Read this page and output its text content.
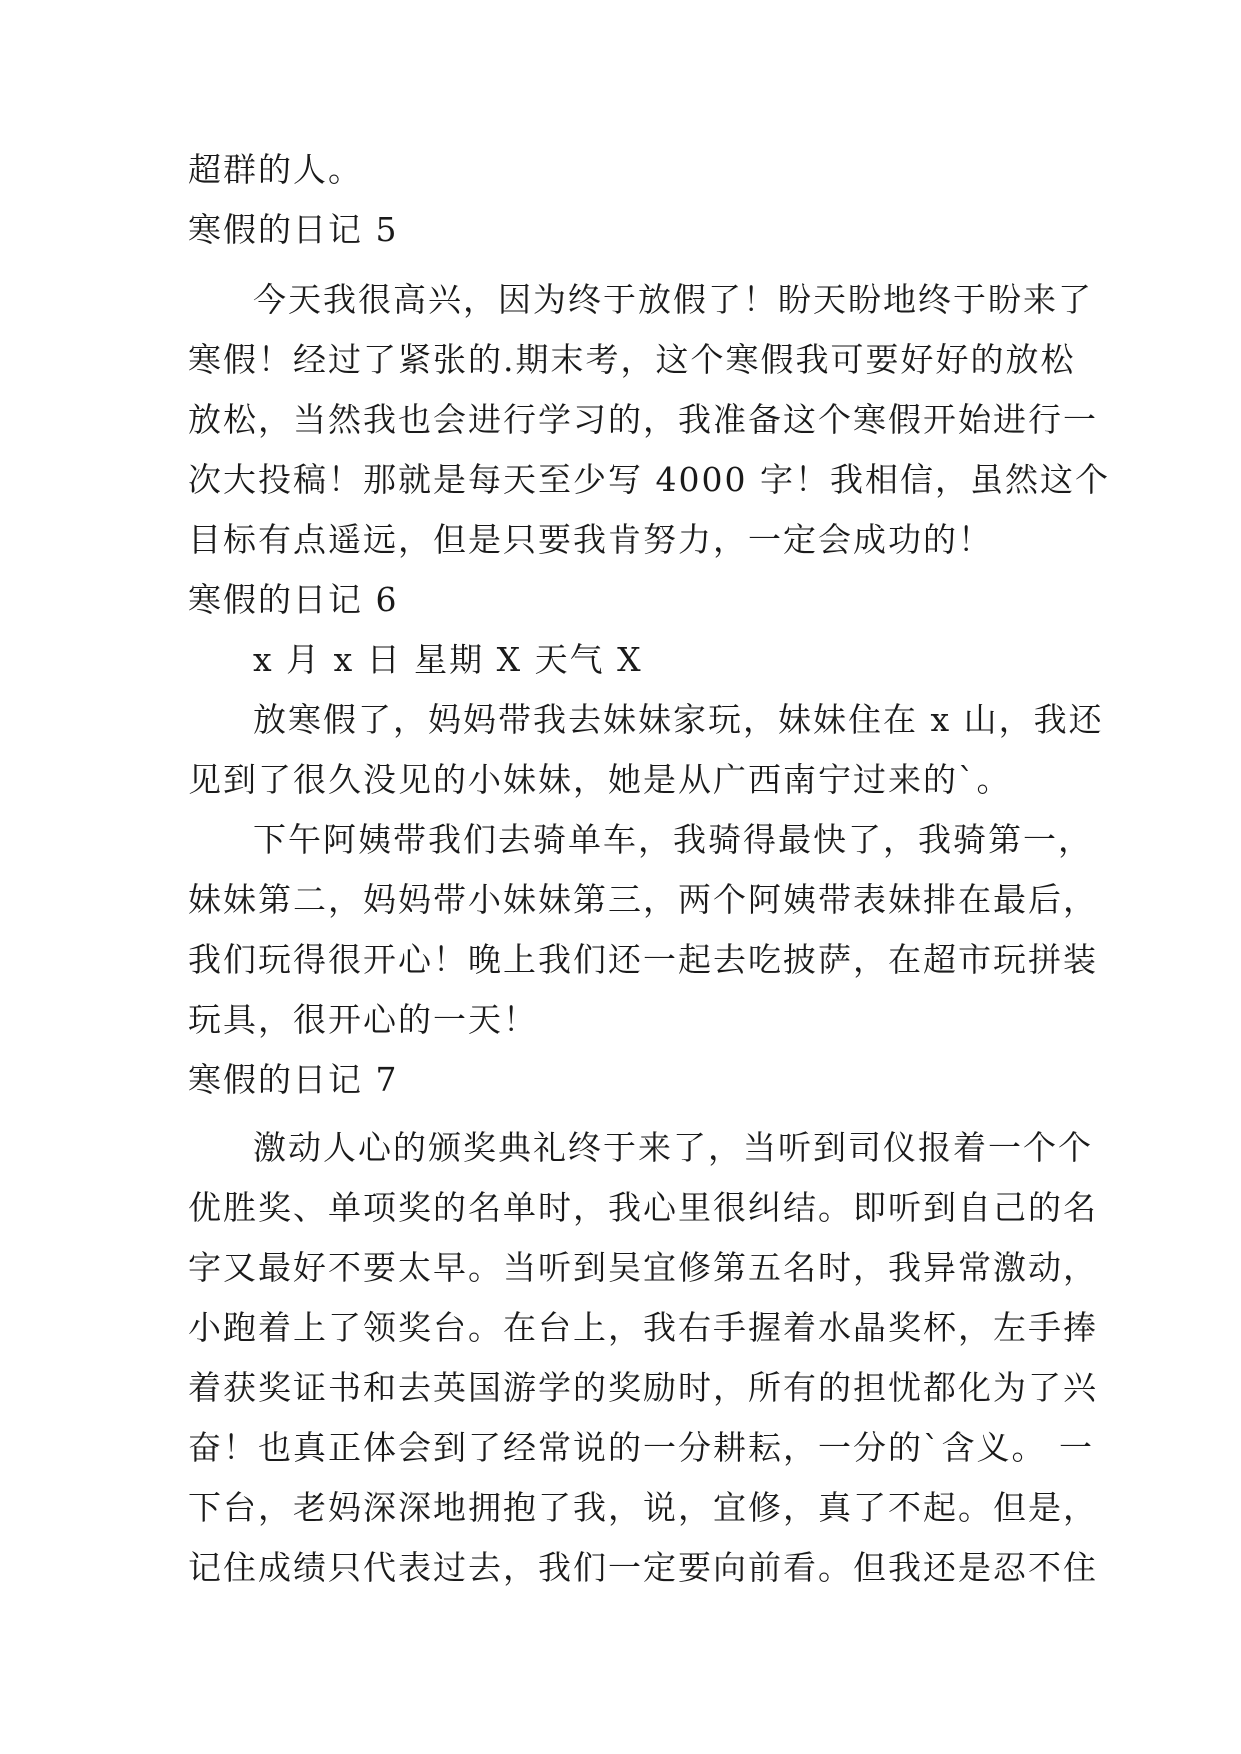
超群的人。
寒假的日记 5
今天我很高兴，因为终于放假了！盼天盼地终于盼来了
寒假！经过了紧张的.期末考，这个寒假我可要好好的放松
放松，当然我也会进行学习的，我准备这个寒假开始进行一
次大投稿！那就是每天至少写 4000 字！我相信，虽然这个
目标有点遥远，但是只要我肯努力，一定会成功的！
寒假的日记 6
x 月 x 日 星期 X 天气 X
放寒假了，妈妈带我去妹妹家玩，妹妹住在 x 山，我还
见到了很久没见的小妹妹，她是从广西南宁过来的`。
下午阿姨带我们去骑单车，我骑得最快了，我骑第一，
妹妹第二，妈妈带小妹妹第三，两个阿姨带表妹排在最后，
我们玩得很开心！晚上我们还一起去吃披萨，在超市玩拼装
玩具，很开心的一天！
寒假的日记 7
激动人心的颁奖典礼终于来了，当听到司仪报着一个个
优胜奖、单项奖的名单时，我心里很纠结。即听到自己的名
字又最好不要太早。当听到吴宜修第五名时，我异常激动，
小跑着上了领奖台。在台上，我右手握着水晶奖杯，左手捧
着获奖证书和去英国游学的奖励时，所有的担忧都化为了兴
奋！也真正体会到了经常说的一分耕耘，一分的`含义。 一
下台，老妈深深地拥抱了我，说，宜修，真了不起。但是，
记住成绩只代表过去，我们一定要向前看。但我还是忍不住
